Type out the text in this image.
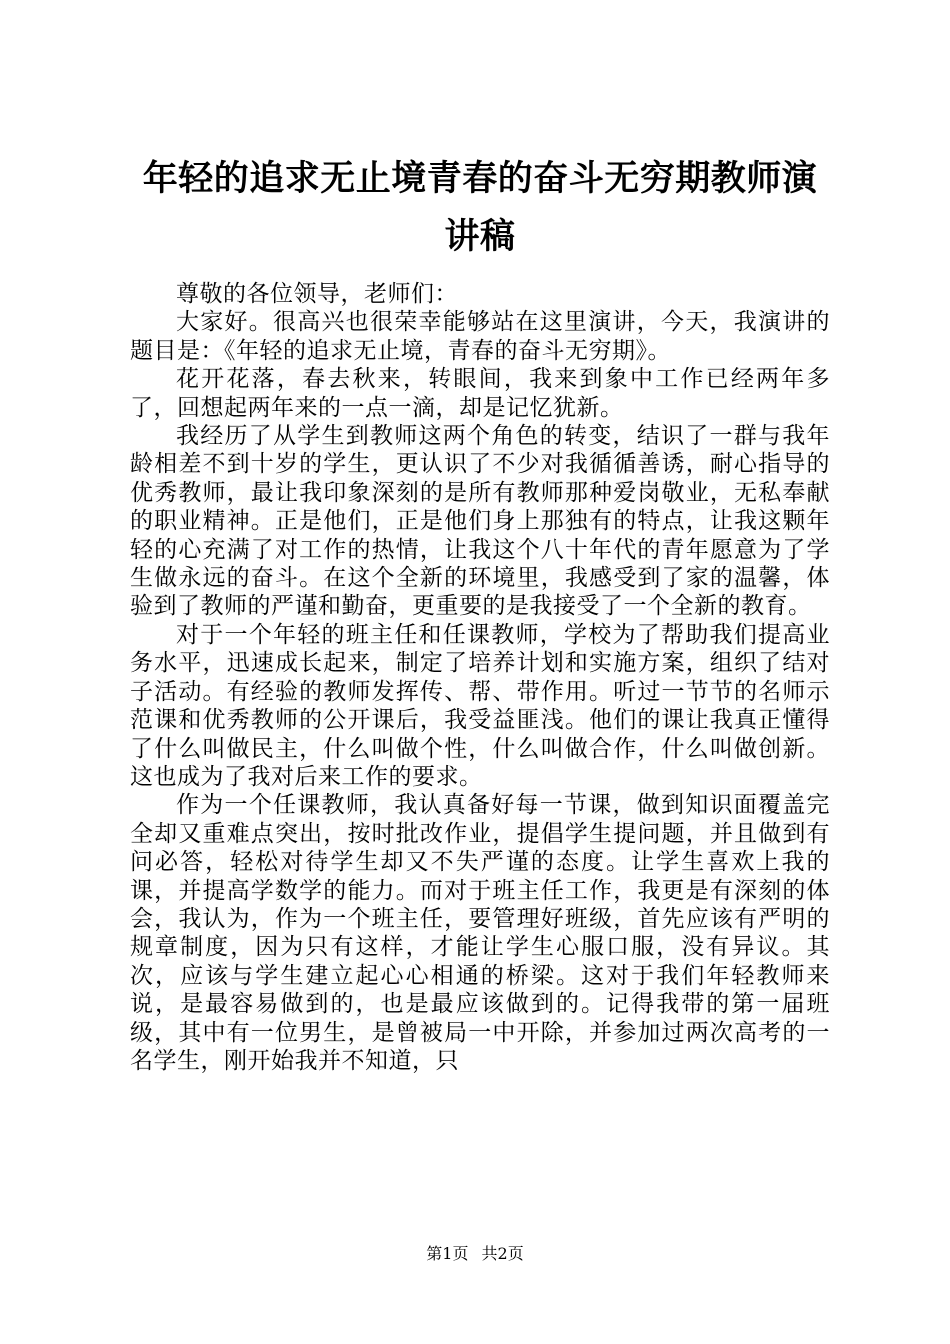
年轻的追求无止境青春的奋斗无穷期教师演讲稿

尊敬的各位领导，老师们：

大家好。很高兴也很荣幸能够站在这里演讲，今天，我演讲的题目是：《年轻的追求无止境，青春的奋斗无穷期》。

花开花落，春去秋来，转眼间，我来到象中工作已经两年多了，回想起两年来的一点一滴，却是记忆犹新。

我经历了从学生到教师这两个角色的转变，结识了一群与我年龄相差不到十岁的学生，更认识了不少对我循循善诱，耐心指导的优秀教师，最让我印象深刻的是所有教师那种爱岗敬业，无私奉献的职业精神。正是他们，正是他们身上那独有的特点，让我这颗年轻的心充满了对工作的热情，让我这个八十年代的青年愿意为了学生做永远的奋斗。在这个全新的环境里，我感受到了家的温馨，体验到了教师的严谨和勤奋，更重要的是我接受了一个全新的教育。

对于一个年轻的班主任和任课教师，学校为了帮助我们提高业务水平，迅速成长起来，制定了培养计划和实施方案，组织了结对子活动。有经验的教师发挥传、帮、带作用。听过一节节的名师示范课和优秀教师的公开课后，我受益匪浅。他们的课让我真正懂得了什么叫做民主，什么叫做个性，什么叫做合作，什么叫做创新。这也成为了我对后来工作的要求。

作为一个任课教师，我认真备好每一节课，做到知识面覆盖完全却又重难点突出，按时批改作业，提倡学生提问题，并且做到有问必答，轻松对待学生却又不失严谨的态度。让学生喜欢上我的课，并提高学数学的能力。而对于班主任工作，我更是有深刻的体会，我认为，作为一个班主任，要管理好班级，首先应该有严明的规章制度，因为只有这样，才能让学生心服口服，没有异议。其次，应该与学生建立起心心相通的桥梁。这对于我们年轻教师来说，是最容易做到的，也是最应该做到的。记得我带的第一届班级，其中有一位男生，是曾被局一中开除，并参加过两次高考的一名学生，刚开始我并不知道，只

第1页 共2页
